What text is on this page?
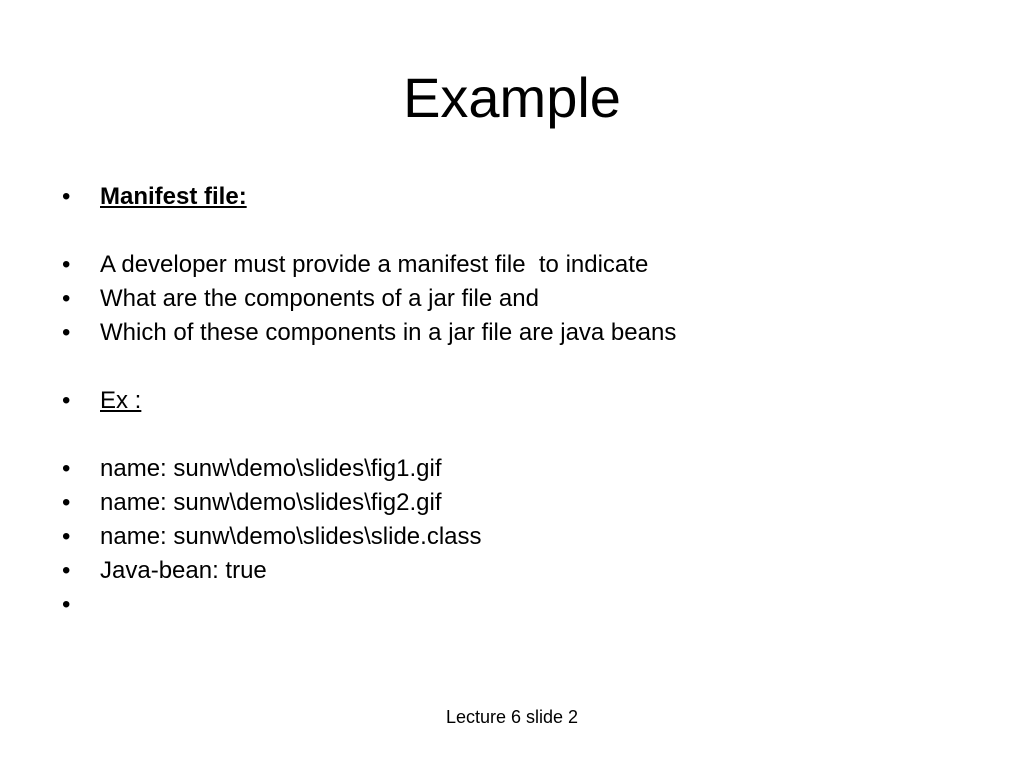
Example
• Manifest file:
• A developer must provide a manifest file  to indicate
• What are the components of a jar file and
• Which of these components in a jar file are java beans
• Ex :
• name: sunw\demo\slides\fig1.gif
• name: sunw\demo\slides\fig2.gif
• name: sunw\demo\slides\slide.class
• Java-bean: true
•
Lecture 6 slide 2
